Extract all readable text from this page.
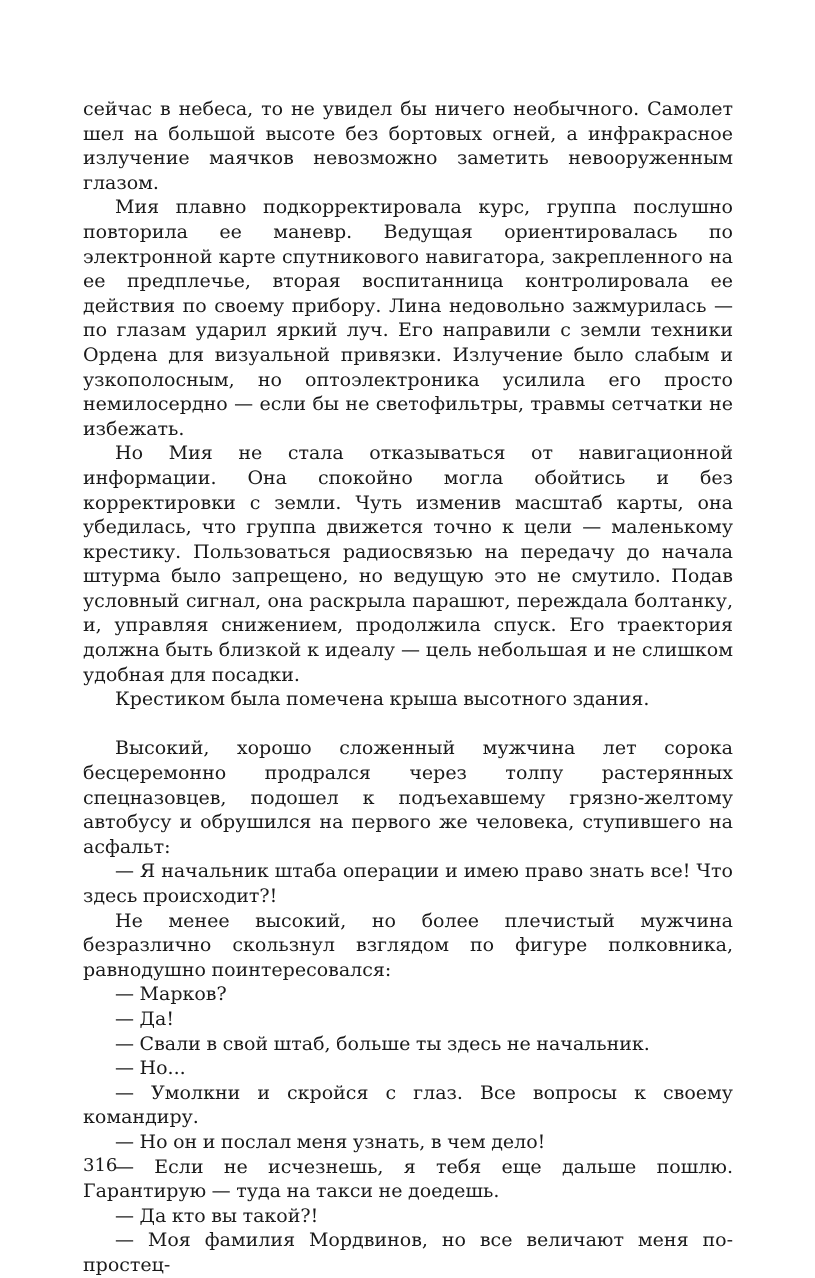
сейчас в небеса, то не увидел бы ничего необычного. Самолет шел на большой высоте без бортовых огней, а инфракрасное излучение маячков невозможно заметить невооруженным глазом.

Мия плавно подкорректировала курс, группа послушно повторила ее маневр. Ведущая ориентировалась по электронной карте спутникового навигатора, закрепленного на ее предплечье, вторая воспитанница контролировала ее действия по своему прибору. Лина недовольно зажмурилась — по глазам ударил яркий луч. Его направили с земли техники Ордена для визуальной привязки. Излучение было слабым и узкополосным, но оптоэлектроника усилила его просто немилосердно — если бы не светофильтры, травмы сетчатки не избежать.

Но Мия не стала отказываться от навигационной информации. Она спокойно могла обойтись и без корректировки с земли. Чуть изменив масштаб карты, она убедилась, что группа движется точно к цели — маленькому крестику. Пользоваться радиосвязью на передачу до начала штурма было запрещено, но ведущую это не смутило. Подав условный сигнал, она раскрыла парашют, переждала болтанку, и, управляя снижением, продолжила спуск. Его траектория должна быть близкой к идеалу — цель небольшая и не слишком удобная для посадки.

Крестиком была помечена крыша высотного здания.

Высокий, хорошо сложенный мужчина лет сорока бесцеремонно продрался через толпу растерянных спецназовцев, подошел к подъехавшему грязно-желтому автобусу и обрушился на первого же человека, ступившего на асфальт:

— Я начальник штаба операции и имею право знать все! Что здесь происходит?!

Не менее высокий, но более плечистый мужчина безразлично скользнул взглядом по фигуре полковника, равнодушно поинтересовался:

— Марков?

— Да!

— Свали в свой штаб, больше ты здесь не начальник.

— Но...

— Умолкни и скройся с глаз. Все вопросы к своему командиру.

— Но он и послал меня узнать, в чем дело!

— Если не исчезнешь, я тебя еще дальше пошлю. Гарантирую — туда на такси не доедешь.

— Да кто вы такой?!

— Моя фамилия Мордвинов, но все величают меня по-простец-

316
